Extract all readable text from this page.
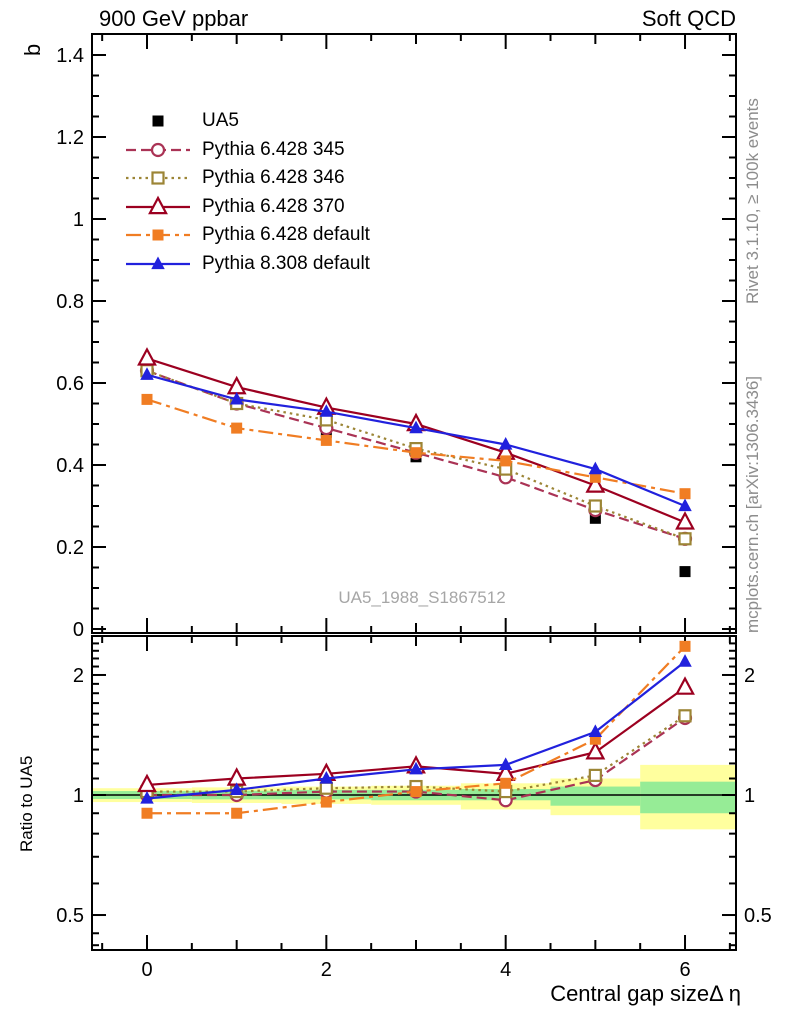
1.4
1.2
1
0.8
0.6
0.4
0.2
0
2	2
1	1
0.5	0.5
0	2	4	6
900 GeV ppbar	Soft QCD
b
Ratio to UA5
Rivet 3.1.10, ≥ 100k events
mcplots.cern.ch [arXiv:1306.3436]
UA5_1988_S1867512
Central gap sizeΔ η
UA5
Pythia 6.428 345
Pythia 6.428 346
Pythia 6.428 370
Pythia 6.428 default
Pythia 8.308 default
